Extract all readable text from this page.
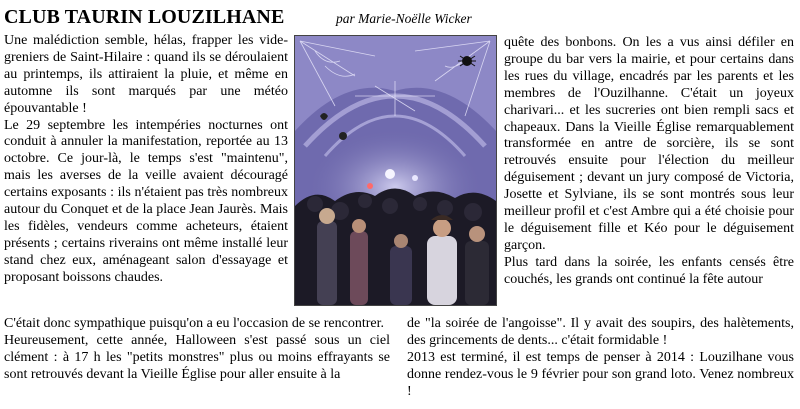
CLUB TAURIN LOUZILHANE	par Marie-Noëlle Wicker

Une malédiction semble, hélas, frapper les vide-greniers de Saint-Hilaire : quand ils se déroulaient au printemps, ils attiraient la pluie, et même en automne ils sont marqués par une météo épouvantable !

Le 29 septembre les intempéries nocturnes ont conduit à annuler la manifestation, reportée au 13 octobre. Ce jour-là, le temps s'est "maintenu", mais les averses de la veille avaient découragé certains exposants : ils n'étaient pas très nombreux autour du Conquet et de la place Jean Jaurès. Mais les fidèles, vendeurs comme acheteurs, étaient présents ; certains riverains ont même installé leur stand chez eux, aménageant salon d'essayage et proposant boissons chaudes.

quête des bonbons. On les a vus ainsi défiler en groupe du bar vers la mairie, et pour certains dans les rues du village, encadrés par les parents et les membres de l'Ouzilhanne. C'était un joyeux charivari... et les sucreries ont bien rempli sacs et chapeaux. Dans la Vieille Église remarquablement transformée en antre de sorcière, ils se sont retrouvés ensuite pour l'élection du meilleur déguisement ; devant un jury composé de Victoria, Josette et Sylviane, ils se sont montrés sous leur meilleur profil et c'est Ambre qui a été choisie pour le déguisement fille et Kéo pour le déguisement garçon.

Plus tard dans la soirée, les enfants censés être couchés, les grands ont continué la fête autour

C'était donc sympathique puisqu'on a eu l'occasion de se rencontrer.

Heureusement, cette année, Halloween s'est passé sous un ciel clément : à 17 h les "petits monstres" plus ou moins effrayants se sont retrouvés devant la Vieille Église pour aller ensuite à la

de "la soirée de l'angoisse". Il y avait des soupirs, des halètements, des grincements de dents... c'était formidable !

2013 est terminé, il est temps de penser à 2014 : Louzilhane vous donne rendez-vous le 9 février pour son grand loto. Venez nombreux !
